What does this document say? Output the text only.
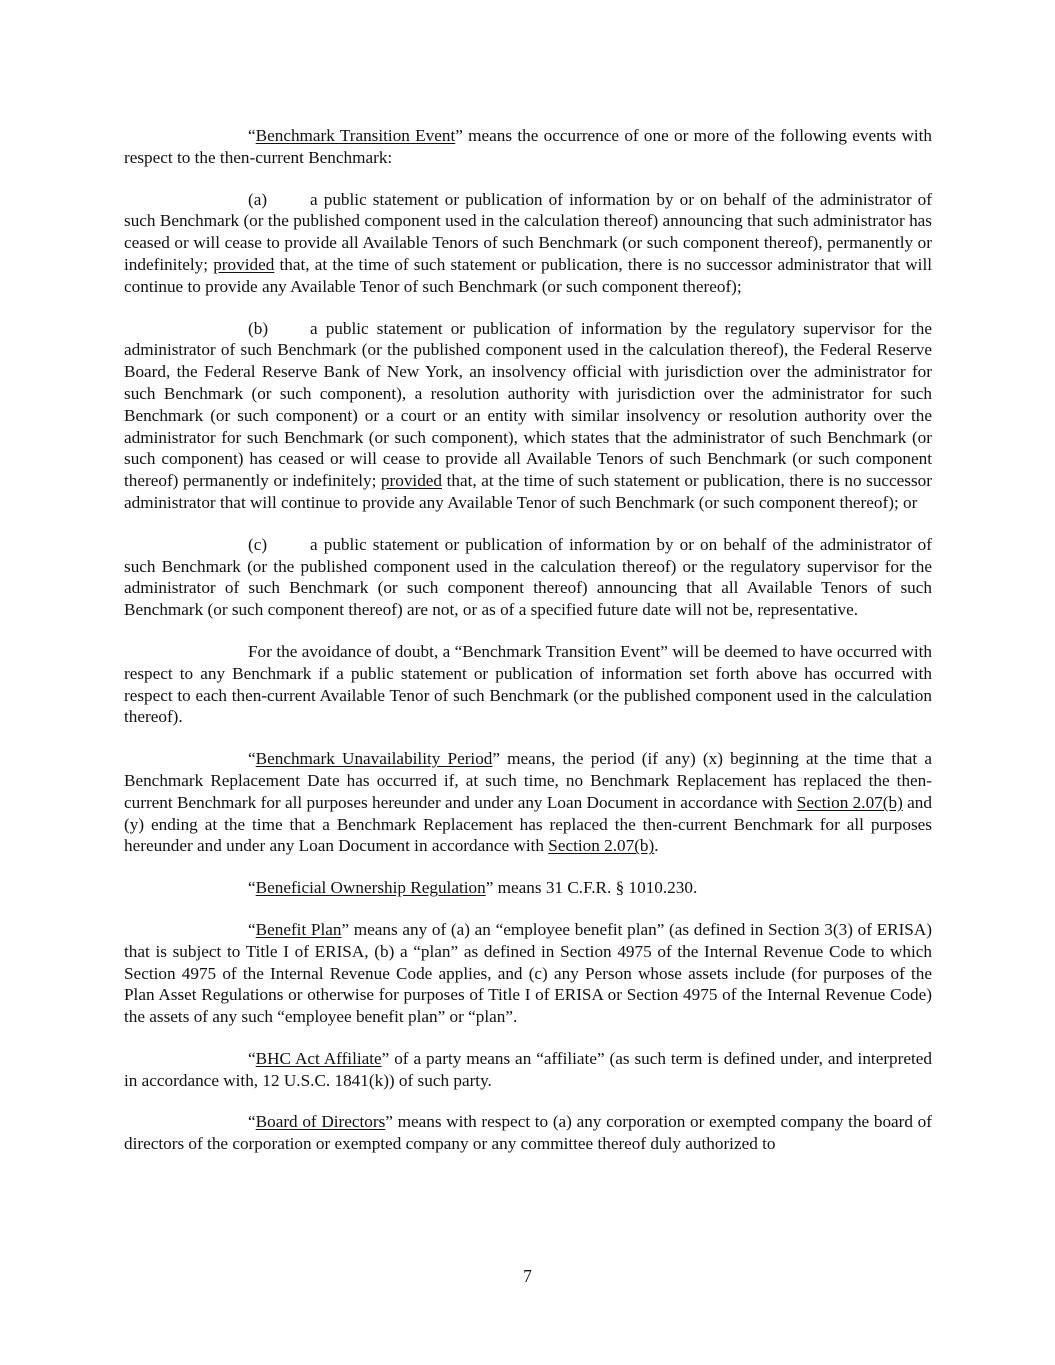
“Benchmark Transition Event” means the occurrence of one or more of the following events with respect to the then-current Benchmark:

(a) a public statement or publication of information by or on behalf of the administrator of such Benchmark (or the published component used in the calculation thereof) announcing that such administrator has ceased or will cease to provide all Available Tenors of such Benchmark (or such component thereof), permanently or indefinitely; provided that, at the time of such statement or publication, there is no successor administrator that will continue to provide any Available Tenor of such Benchmark (or such component thereof);

(b) a public statement or publication of information by the regulatory supervisor for the administrator of such Benchmark (or the published component used in the calculation thereof), the Federal Reserve Board, the Federal Reserve Bank of New York, an insolvency official with jurisdiction over the administrator for such Benchmark (or such component), a resolution authority with jurisdiction over the administrator for such Benchmark (or such component) or a court or an entity with similar insolvency or resolution authority over the administrator for such Benchmark (or such component), which states that the administrator of such Benchmark (or such component) has ceased or will cease to provide all Available Tenors of such Benchmark (or such component thereof) permanently or indefinitely; provided that, at the time of such statement or publication, there is no successor administrator that will continue to provide any Available Tenor of such Benchmark (or such component thereof); or

(c) a public statement or publication of information by or on behalf of the administrator of such Benchmark (or the published component used in the calculation thereof) or the regulatory supervisor for the administrator of such Benchmark (or such component thereof) announcing that all Available Tenors of such Benchmark (or such component thereof) are not, or as of a specified future date will not be, representative.

For the avoidance of doubt, a “Benchmark Transition Event” will be deemed to have occurred with respect to any Benchmark if a public statement or publication of information set forth above has occurred with respect to each then-current Available Tenor of such Benchmark (or the published component used in the calculation thereof).

“Benchmark Unavailability Period” means, the period (if any) (x) beginning at the time that a Benchmark Replacement Date has occurred if, at such time, no Benchmark Replacement has replaced the then-current Benchmark for all purposes hereunder and under any Loan Document in accordance with Section 2.07(b) and (y) ending at the time that a Benchmark Replacement has replaced the then-current Benchmark for all purposes hereunder and under any Loan Document in accordance with Section 2.07(b).

“Beneficial Ownership Regulation” means 31 C.F.R. § 1010.230.

“Benefit Plan” means any of (a) an “employee benefit plan” (as defined in Section 3(3) of ERISA) that is subject to Title I of ERISA, (b) a “plan” as defined in Section 4975 of the Internal Revenue Code to which Section 4975 of the Internal Revenue Code applies, and (c) any Person whose assets include (for purposes of the Plan Asset Regulations or otherwise for purposes of Title I of ERISA or Section 4975 of the Internal Revenue Code) the assets of any such “employee benefit plan” or “plan”.

“BHC Act Affiliate” of a party means an “affiliate” (as such term is defined under, and interpreted in accordance with, 12 U.S.C. 1841(k)) of such party.

“Board of Directors” means with respect to (a) any corporation or exempted company the board of directors of the corporation or exempted company or any committee thereof duly authorized to

7
